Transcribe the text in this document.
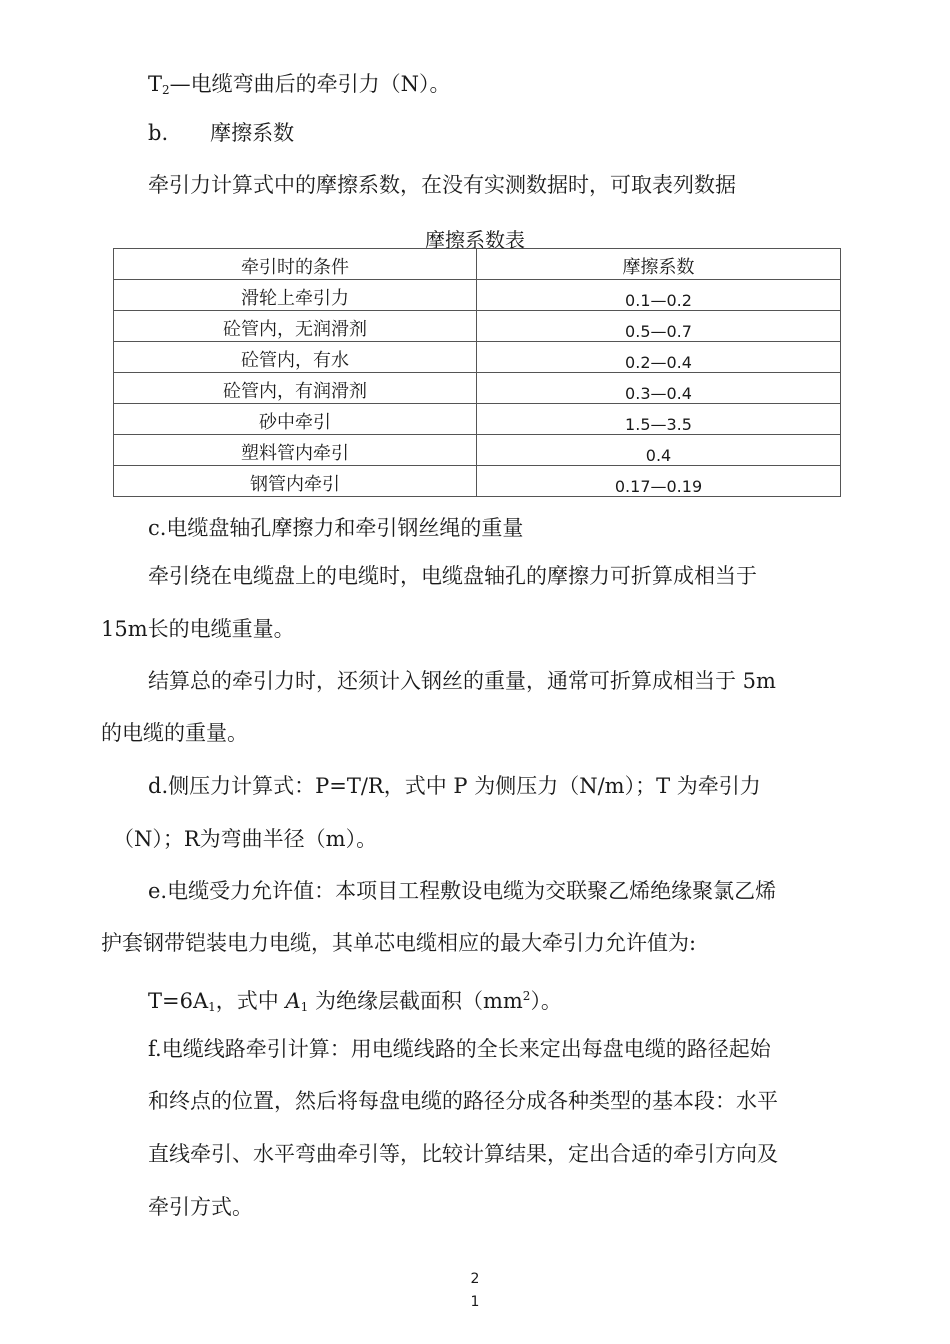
$T_2—$电缆弯曲后的牵引力（N）。
b.　　摩擦系数
牵引力计算式中的摩擦系数，在没有实测数据时，可取表列数据
摩擦系数表
牵引时的条件	摩擦系数
滑轮上牵引力	0.1—0.2
砼管内，无润滑剂	0.5—0.7
砼管内，有水	0.2—0.4
砼管内，有润滑剂	0.3—0.4
砂中牵引	1.5—3.5
塑料管内牵引	0.4
钢管内牵引	0.17—0.19
c.电缆盘轴孔摩擦力和牵引钢丝绳的重量
牵引绕在电缆盘上的电缆时，电缆盘轴孔的摩擦力可折算成相当于
15m长的电缆重量。
结算总的牵引力时，还须计入钢丝的重量，通常可折算成相当于 5m
的电缆的重量。
d.侧压力计算式：P=T/R，式中 P 为侧压力（N/m）；T 为牵引力
（N）；R为弯曲半径（m）。
e.电缆受力允许值：本项目工程敷设电缆为交联聚乙烯绝缘聚氯乙烯
护套钢带铠装电力电缆，其单芯电缆相应的最大牵引力允许值为:
$T=6A_1$，式中 $A_1$ 为绝缘层截面积$(mm^2)$。
f.电缆线路牵引计算：用电缆线路的全长来定出每盘电缆的路径起始
和终点的位置，然后将每盘电缆的路径分成各种类型的基本段：水平
直线牵引、水平弯曲牵引等，比较计算结果，定出合适的牵引方向及
牵引方式。
2
1
